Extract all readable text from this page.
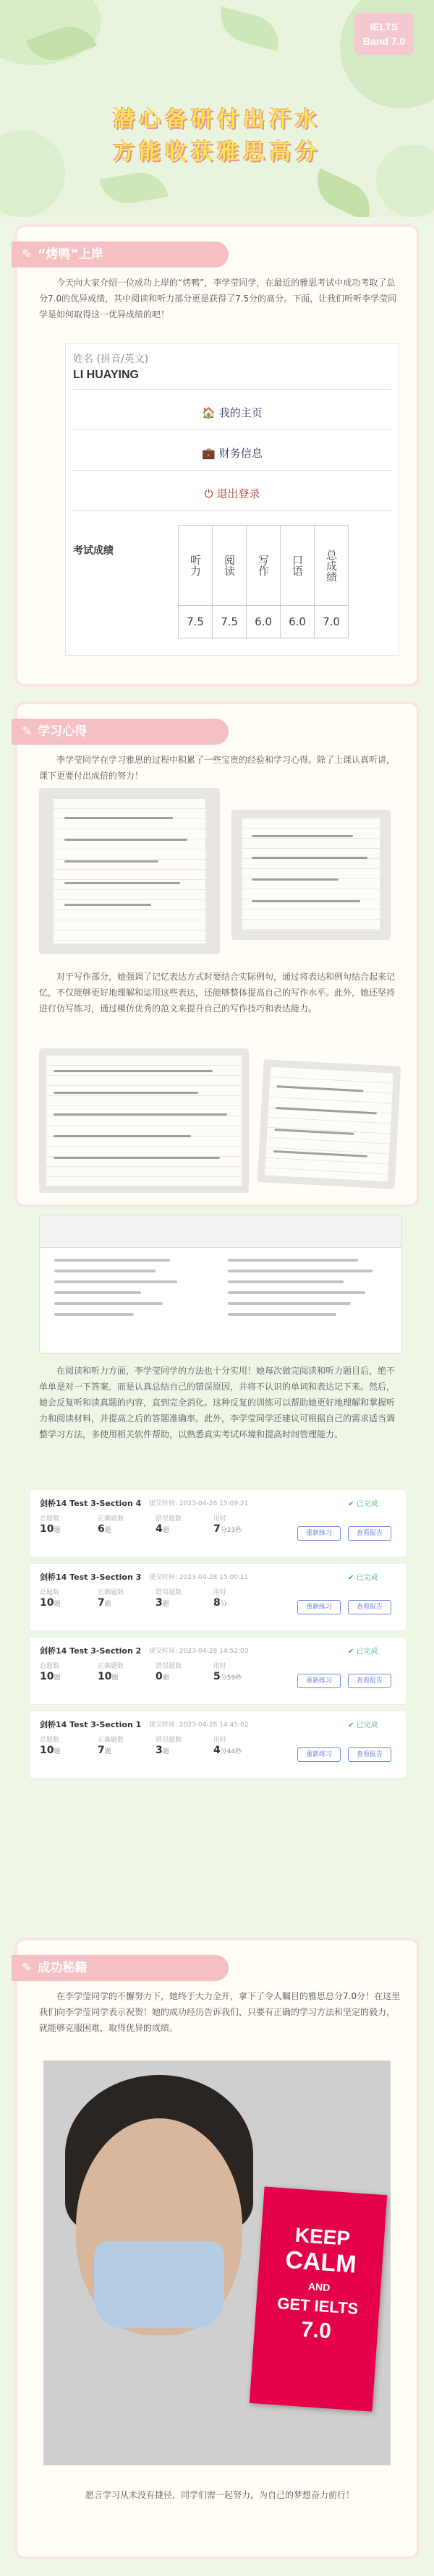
IELTS
Band 7.0
潜心备研付出汗水
方能收获雅思高分
✎ “烤鸭”上岸
今天向大家介绍一位成功上岸的“烤鸭”，李学莹同学，在最近的雅思考试中成功考取了总分7.0的优异成绩，其中阅读和听力部分更是获得了7.5分的高分。下面，让我们听听李学莹同学是如何取得这一优异成绩的吧！
姓名 (拼音/英文)
LI HUAYING
🏠 我的主页
💼 财务信息
⏻ 退出登录
考试成绩
听力	阅读	写作	口语	总成绩
7.5	7.5	6.0	6.0	7.0
✎ 学习心得
李学莹同学在学习雅思的过程中积累了一些宝贵的经验和学习心得。除了上课认真听讲，课下更要付出成倍的努力！
对于写作部分，她强调了记忆表达方式时要结合实际例句，通过将表达和例句结合起来记忆，不仅能够更好地理解和运用这些表达，还能够整体提高自己的写作水平。此外，她还坚持进行仿写练习，通过模仿优秀的范文来提升自己的写作技巧和表达能力。
在阅读和听力方面，李学莹同学的方法也十分实用！她每次做完阅读和听力题目后，绝不单单是对一下答案，而是认真总结自己的错误原因，并将不认识的单词和表达记下来。然后，她会反复听和读真题的内容，直到完全消化。这种反复的训练可以帮助她更好地理解和掌握听力和阅读材料，并提高之后的答题准确率。此外，李学莹同学还建议可根据自己的需求适当调整学习方法，多使用相关软件帮助，以熟悉真实考试环境和提高时间管理能力。
剑桥14 Test 3-Section 4 提交时间: 2023-04-28 15:09:21	✔ 已完成
总题数	正确题数	错误题数	用时
10题	6题	4题	7分23秒	重新练习	查看报告
剑桥14 Test 3-Section 3 提交时间: 2023-04-28 15:00:11	✔ 已完成
总题数	正确题数	错误题数	用时
10题	7题	3题	8分	重新练习	查看报告
剑桥14 Test 3-Section 2 提交时间: 2023-04-28 14:52:03	✔ 已完成
总题数	正确题数	错误题数	用时
10题	10题	0题	5分59秒	重新练习	查看报告
剑桥14 Test 3-Section 1 提交时间: 2023-04-28 14:45:02	✔ 已完成
总题数	正确题数	错误题数	用时
10题	7题	3题	4分44秒	重新练习	查看报告
✎ 成功秘籍
在李学莹同学的不懈努力下，她终于大力全开，拿下了令人瞩目的雅思总分7.0分！在这里我们向李学莹同学表示祝贺！她的成功经历告诉我们，只要有正确的学习方法和坚定的毅力，就能够克服困难，取得优异的成绩。
KEEP
CALM
AND
GET IELTS
7.0
愿言学习从未没有捷径，同学们需一起努力，为自己的梦想奋力前行！
